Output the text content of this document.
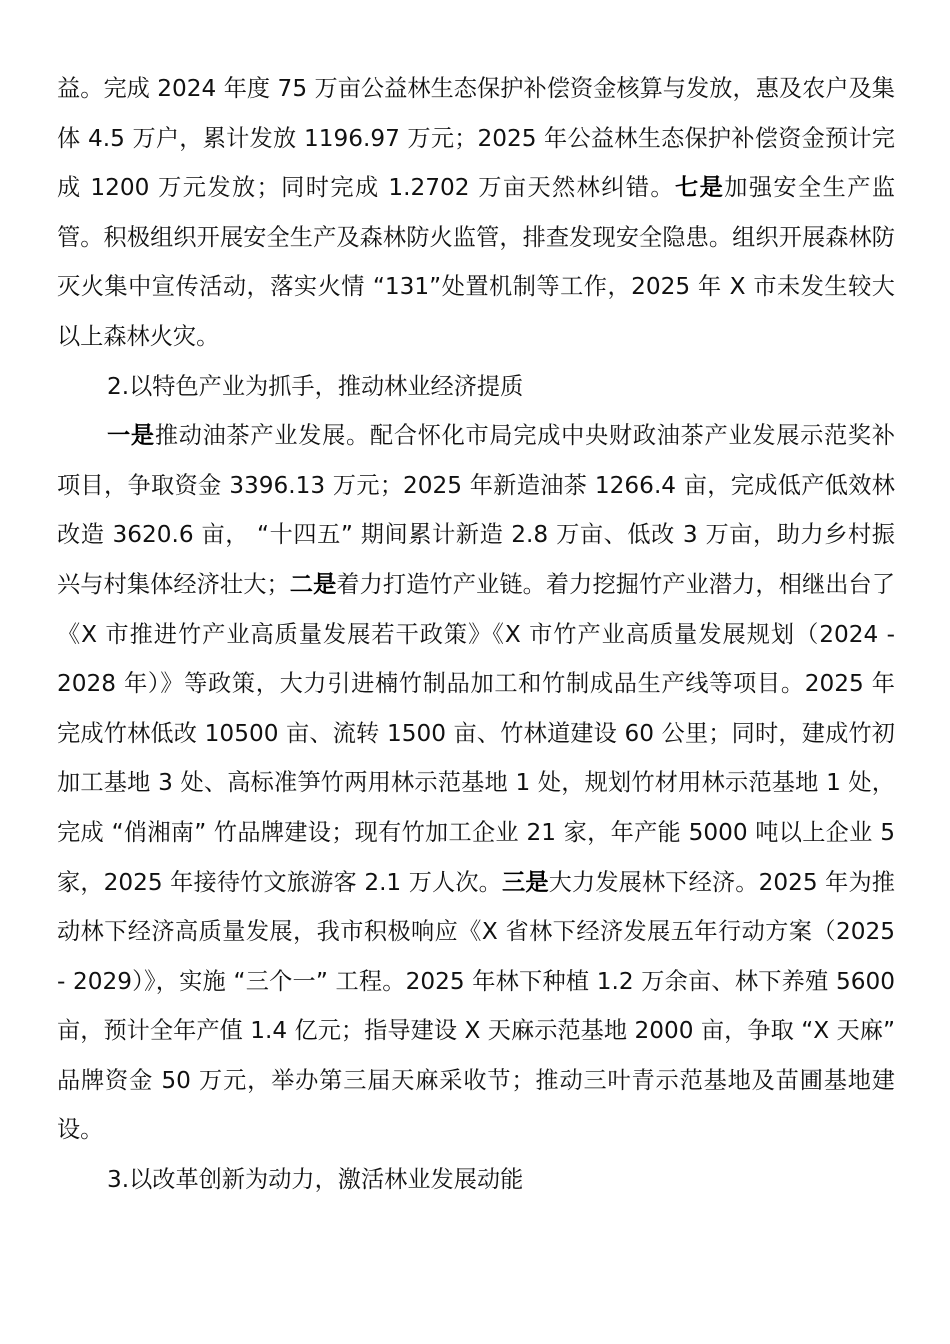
益。完成 2024 年度 75 万亩公益林生态保护补偿资金核算与发放，惠及农户及集体 4.5 万户，累计发放 1196.97 万元；2025 年公益林生态保护补偿资金预计完成 1200 万元发放；同时完成 1.2702 万亩天然林纠错。七是加强安全生产监管。积极组织开展安全生产及森林防火监管，排查发现安全隐患。组织开展森林防灭火集中宣传活动，落实火情 “131”处置机制等工作，2025 年 X 市未发生较大以上森林火灾。

2.以特色产业为抓手，推动林业经济提质

一是推动油茶产业发展。配合怀化市局完成中央财政油茶产业发展示范奖补项目，争取资金 3396.13 万元；2025 年新造油茶 1266.4 亩，完成低产低效林改造 3620.6 亩， “十四五” 期间累计新造 2.8 万亩、低改 3 万亩，助力乡村振兴与村集体经济壮大；二是着力打造竹产业链。着力挖掘竹产业潜力，相继出台了《X 市推进竹产业高质量发展若干政策》《X 市竹产业高质量发展规划（2024 - 2028 年）》等政策，大力引进楠竹制品加工和竹制成品生产线等项目。2025 年完成竹林低改 10500 亩、流转 1500 亩、竹林道建设 60 公里；同时，建成竹初加工基地 3 处、高标准笋竹两用林示范基地 1 处，规划竹材用林示范基地 1 处，完成 “俏湘南” 竹品牌建设；现有竹加工企业 21 家，年产能 5000 吨以上企业 5 家，2025 年接待竹文旅游客 2.1 万人次。三是大力发展林下经济。2025 年为推动林下经济高质量发展，我市积极响应《X 省林下经济发展五年行动方案（2025 - 2029）》，实施 “三个一” 工程。2025 年林下种植 1.2 万余亩、林下养殖 5600 亩，预计全年产值 1.4 亿元；指导建设 X 天麻示范基地 2000 亩，争取 “X 天麻” 品牌资金 50 万元，举办第三届天麻采收节；推动三叶青示范基地及苗圃基地建设。

3.以改革创新为动力，激活林业发展动能
